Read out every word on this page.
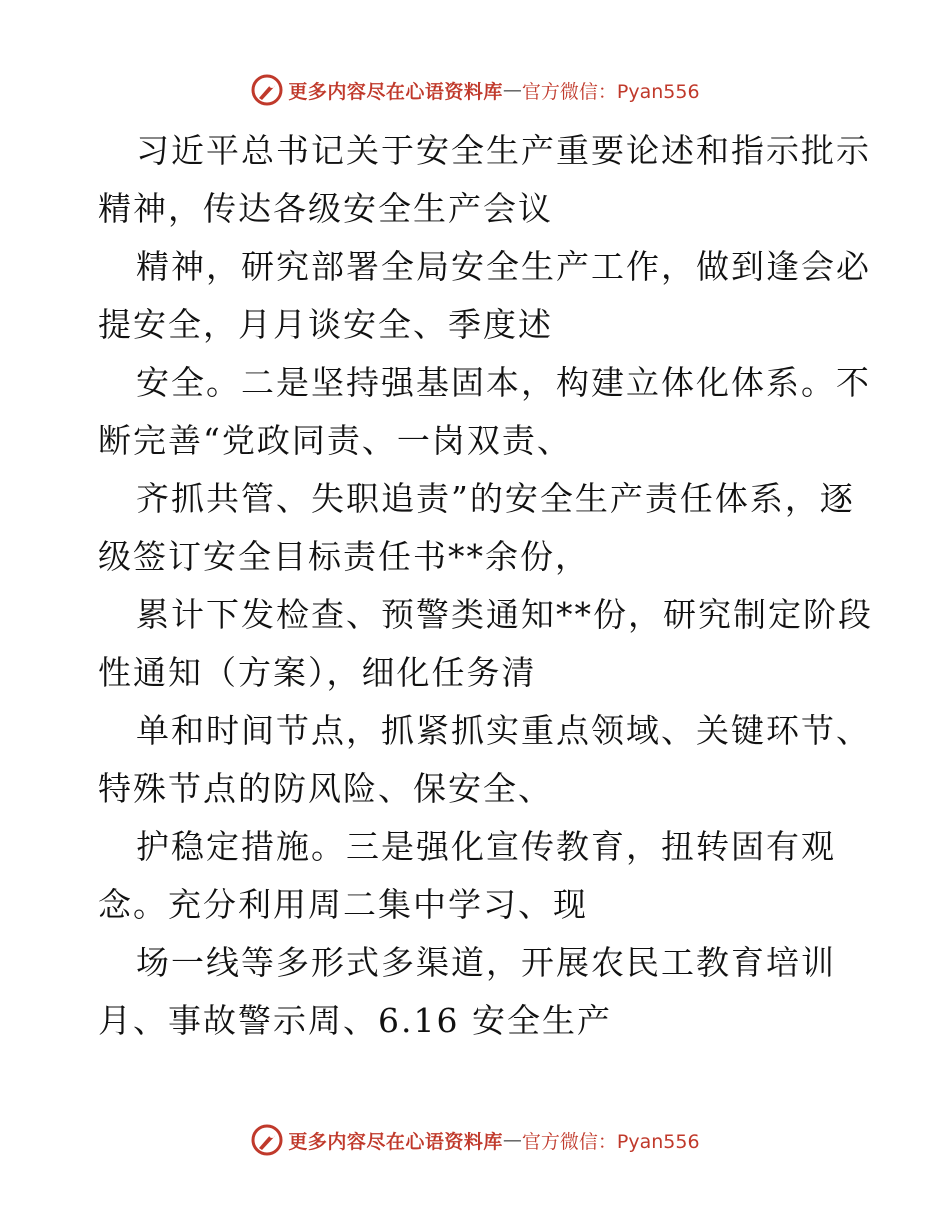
更多内容尽在心语资料库 — 官方微信：Pyan556
习近平总书记关于安全生产重要论述和指示批示
精神，传达各级安全生产会议
精神，研究部署全局安全生产工作，做到逢会必
提安全，月月谈安全、季度述
安全。二是坚持强基固本，构建立体化体系。不
断完善“党政同责、一岗双责、
齐抓共管、失职追责”的安全生产责任体系，逐
级签订安全目标责任书**余份，
累计下发检查、预警类通知**份，研究制定阶段
性通知（方案），细化任务清
单和时间节点，抓紧抓实重点领域、关键环节、
特殊节点的防风险、保安全、
护稳定措施。三是强化宣传教育，扭转固有观
念。充分利用周二集中学习、现
场一线等多形式多渠道，开展农民工教育培训
月、事故警示周、6.16 安全生产
更多内容尽在心语资料库 — 官方微信：Pyan556
